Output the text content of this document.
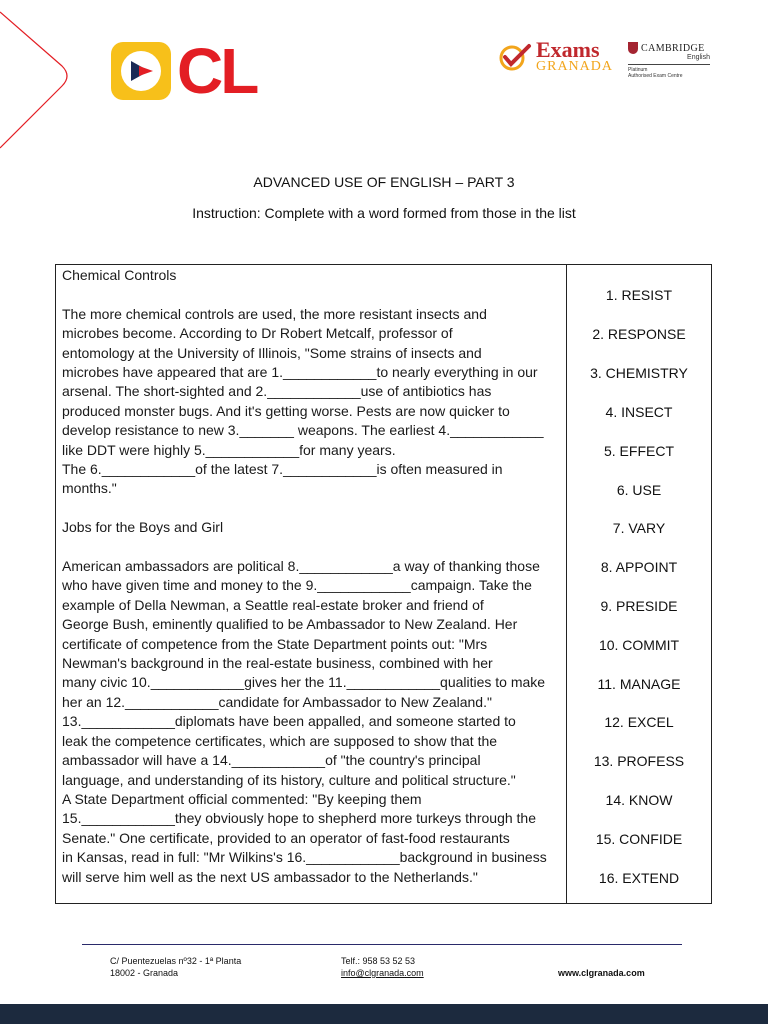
CL	Exams
GRANADA
CAMBRIDGE
English
Platinum
Authorised Exam Centre
ADVANCED USE OF ENGLISH – PART 3
Instruction: Complete with a word formed from those in the list

Chemical Controls

The more chemical controls are used, the more resistant insects and
microbes become. According to Dr Robert Metcalf, professor of
entomology at the University of Illinois, "Some strains of insects and
microbes have appeared that are 1.____________to nearly everything in our
arsenal. The short-sighted and 2.____________use of antibiotics has
produced monster bugs. And it's getting worse. Pests are now quicker to
develop resistance to new 3._______ weapons. The earliest 4.____________
like DDT were highly 5.____________for many years.
The 6.____________of the latest 7.____________is often measured in
months."

Jobs for the Boys and Girl

American ambassadors are political 8.____________a way of thanking those
who have given time and money to the 9.____________campaign. Take the
example of Della Newman, a Seattle real-estate broker and friend of
George Bush, eminently qualified to be Ambassador to New Zealand. Her
certificate of competence from the State Department points out: "Mrs
Newman's background in the real-estate business, combined with her
many civic 10.____________gives her the 11.____________qualities to make
her an 12.____________candidate for Ambassador to New Zealand."
13.____________diplomats have been appalled, and someone started to
leak the competence certificates, which are supposed to show that the
ambassador will have a 14.____________of "the country's principal
language, and understanding of its history, culture and political structure."
A State Department official commented: "By keeping them
15.____________they obviously hope to shepherd more turkeys through the
Senate." One certificate, provided to an operator of fast-food restaurants
in Kansas, read in full: "Mr Wilkins's 16.____________background in business
will serve him well as the next US ambassador to the Netherlands."

1. RESIST
2. RESPONSE
3. CHEMISTRY
4. INSECT
5. EFFECT
6. USE
7. VARY
8. APPOINT
9. PRESIDE
10. COMMIT
11. MANAGE
12. EXCEL
13. PROFESS
14. KNOW
15. CONFIDE
16. EXTEND
C/ Puentezuelas nº32 - 1ª Planta
18002 - Granada
Telf.: 958 53 52 53
info@clgranada.com	www.clgranada.com
